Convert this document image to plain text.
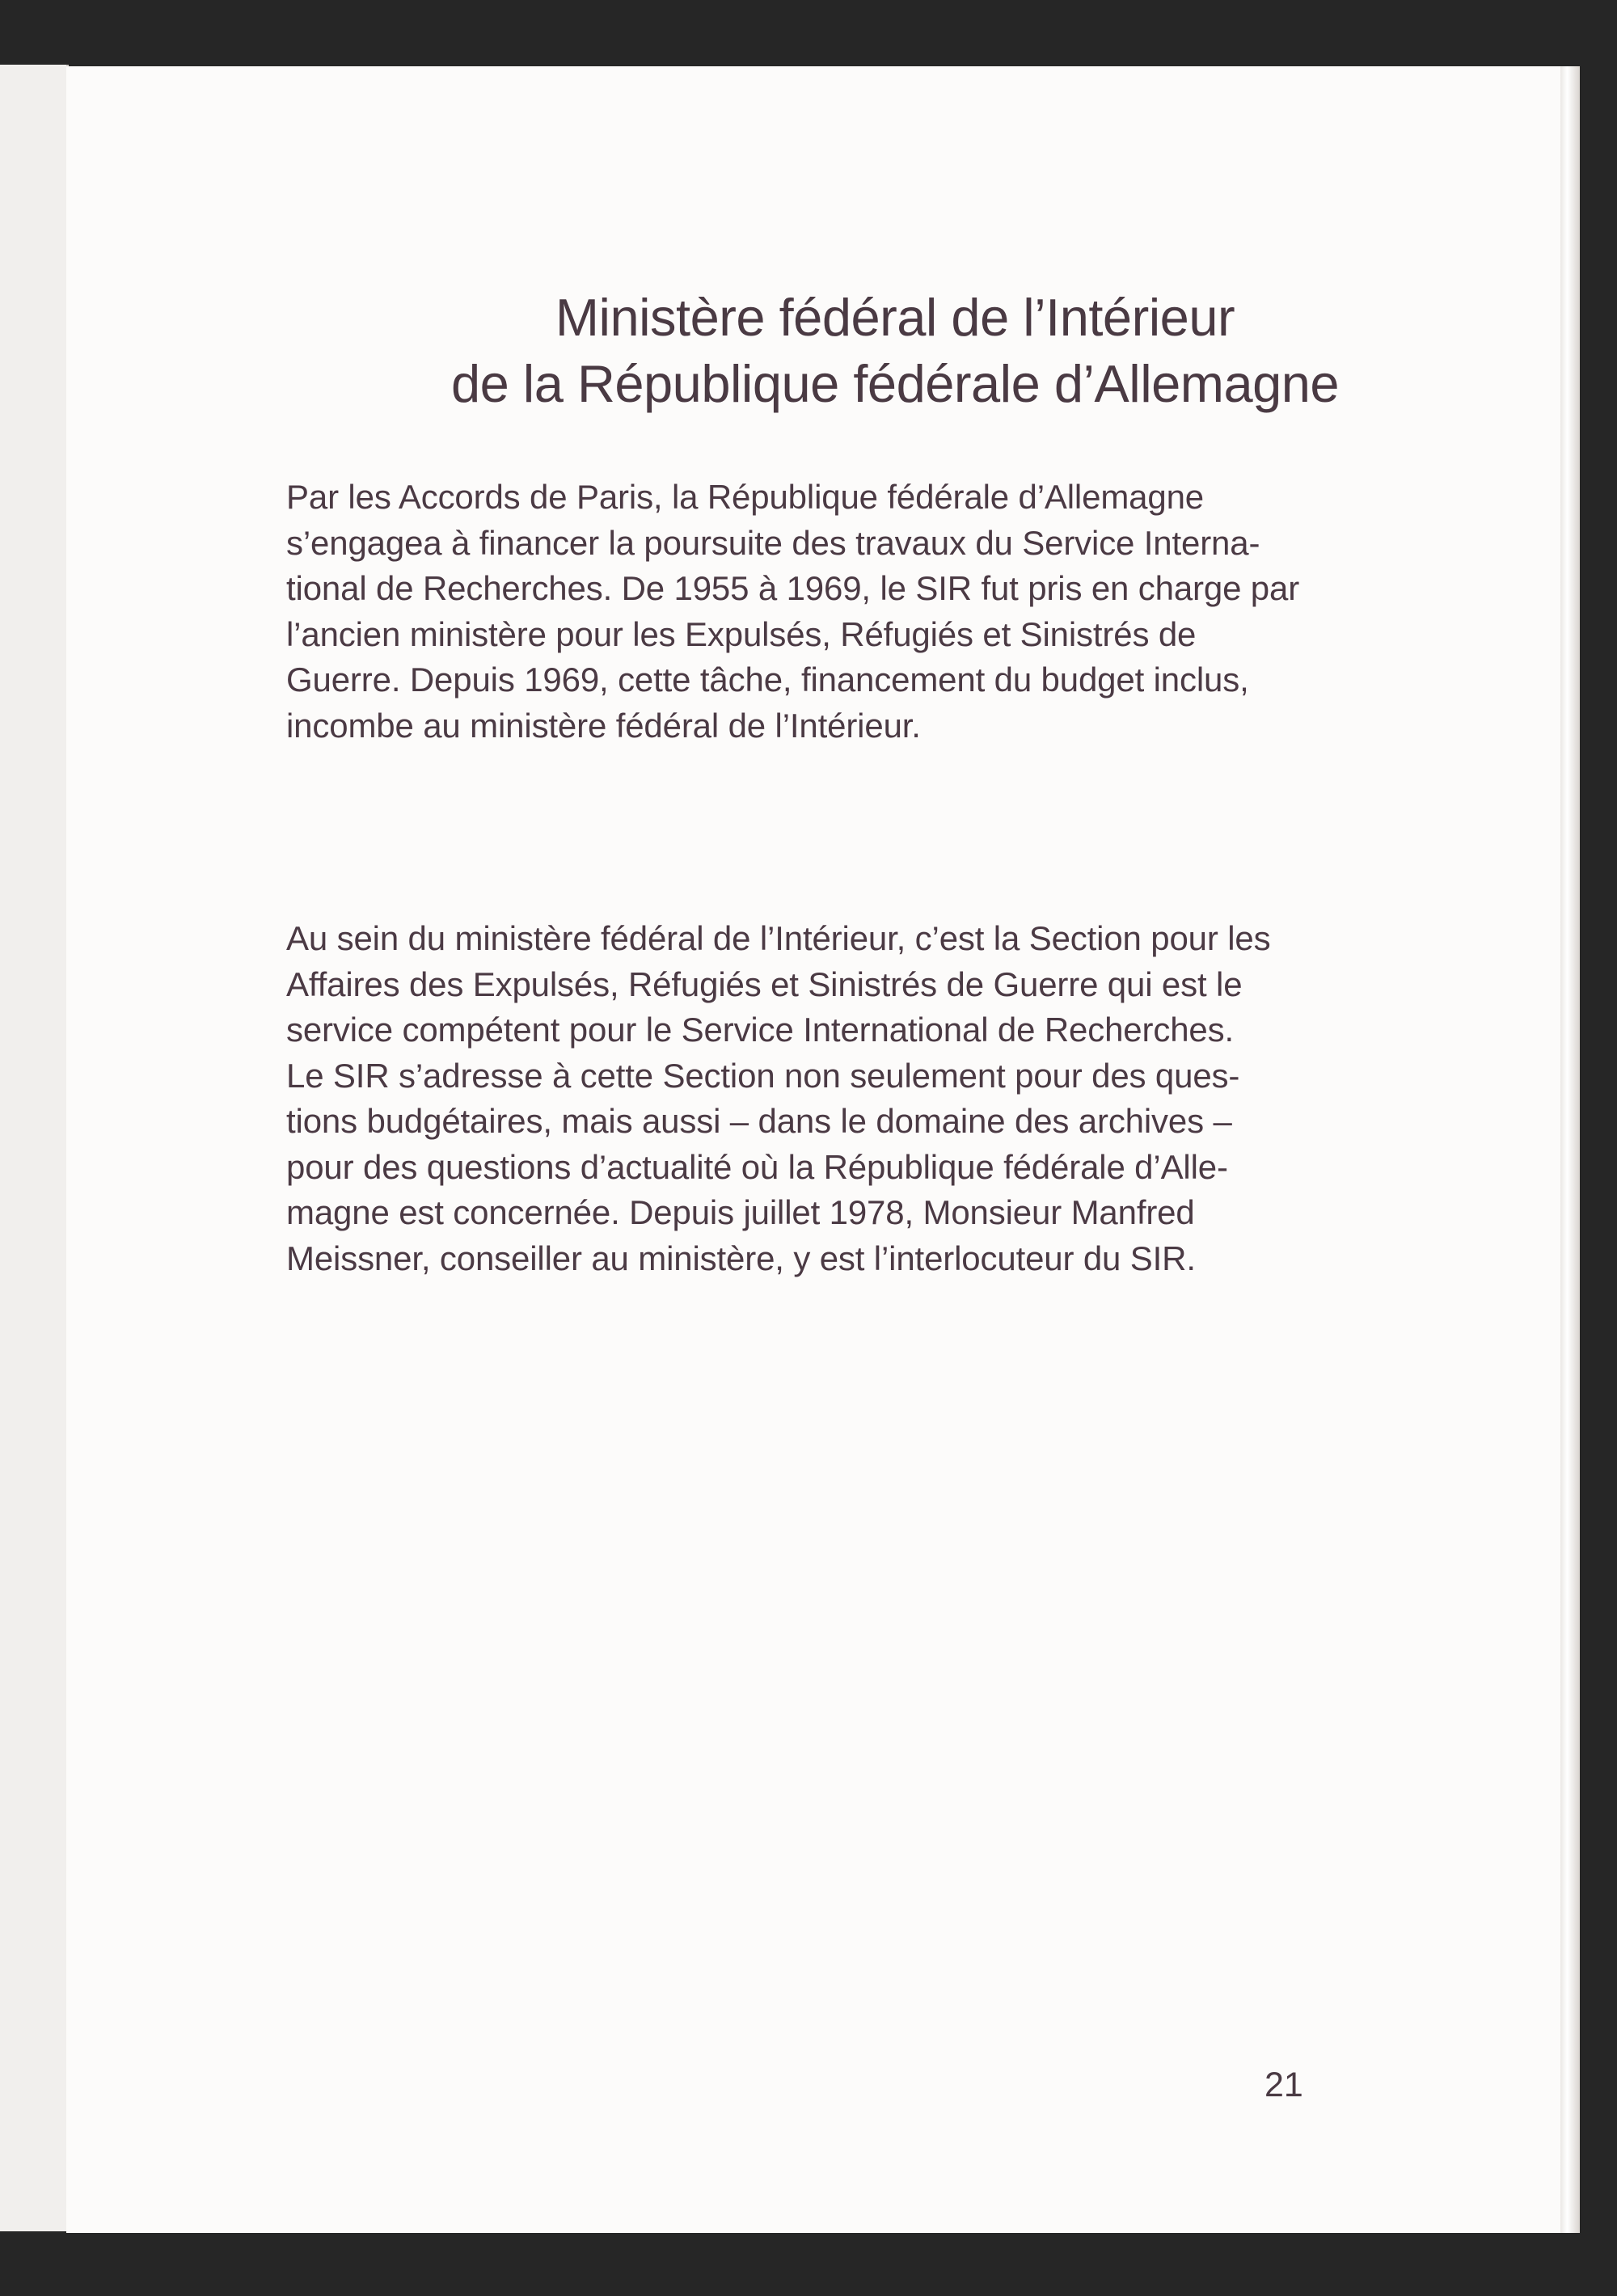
Ministère fédéral de l’Intérieur
de la République fédérale d’Allemagne
Par les Accords de Paris, la République fédérale d’Allemagne
s’engagea à financer la poursuite des travaux du Service Interna-
tional de Recherches. De 1955 à 1969, le SIR fut pris en charge par
l’ancien ministère pour les Expulsés, Réfugiés et Sinistrés de
Guerre. Depuis 1969, cette tâche, financement du budget inclus,
incombe au ministère fédéral de l’Intérieur.
Au sein du ministère fédéral de l’Intérieur, c’est la Section pour les
Affaires des Expulsés, Réfugiés et Sinistrés de Guerre qui est le
service compétent pour le Service International de Recherches.
Le SIR s’adresse à cette Section non seulement pour des ques-
tions budgétaires, mais aussi – dans le domaine des archives –
pour des questions d’actualité où la République fédérale d’Alle-
magne est concernée. Depuis juillet 1978, Monsieur Manfred
Meissner, conseiller au ministère, y est l’interlocuteur du SIR.
21
